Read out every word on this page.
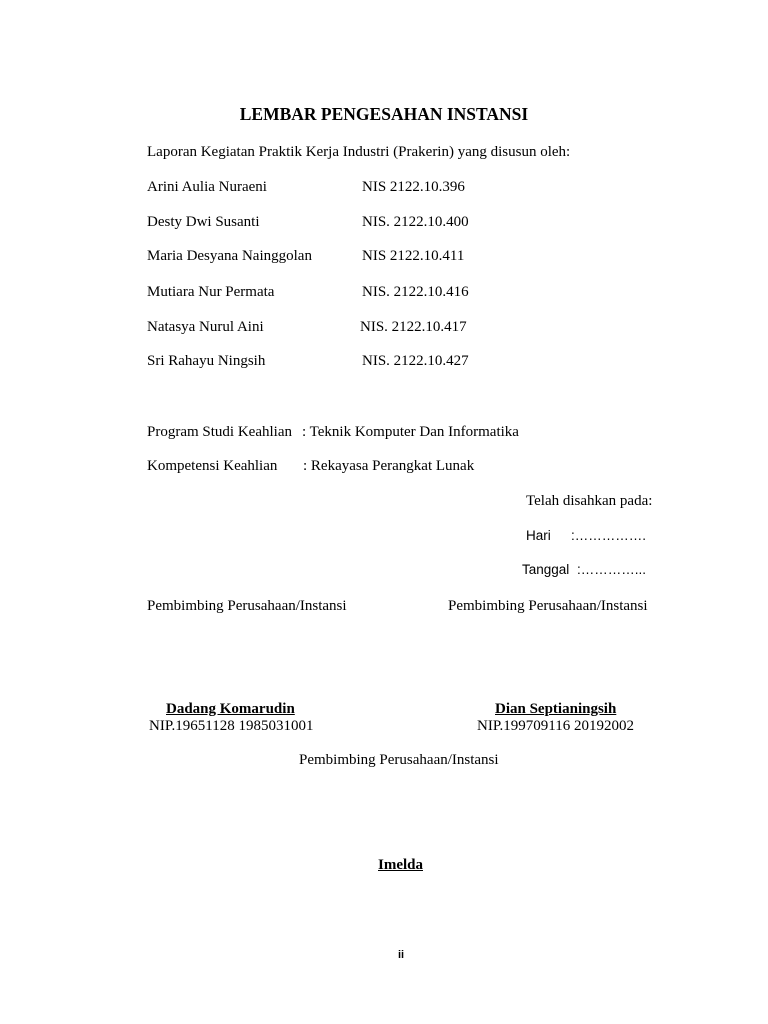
LEMBAR PENGESAHAN INSTANSI
Laporan Kegiatan Praktik Kerja Industri (Prakerin) yang disusun oleh:
Arini Aulia Nuraeni	NIS 2122.10.396
Desty Dwi Susanti	NIS. 2122.10.400
Maria Desyana Nainggolan	NIS 2122.10.411
Mutiara Nur Permata	NIS. 2122.10.416
Natasya Nurul Aini	NIS. 2122.10.417
Sri Rahayu Ningsih	NIS. 2122.10.427
Program Studi Keahlian : Teknik Komputer Dan Informatika
Kompetensi Keahlian : Rekayasa Perangkat Lunak
Telah disahkan pada:
Hari :…………….
Tanggal :…………...
Pembimbing Perusahaan/Instansi	Pembimbing Perusahaan/Instansi
Dadang Komarudin
NIP.19651128 1985031001
Dian Septianingsih
NIP.199709116 20192002
Pembimbing Perusahaan/Instansi
Imelda
ii
